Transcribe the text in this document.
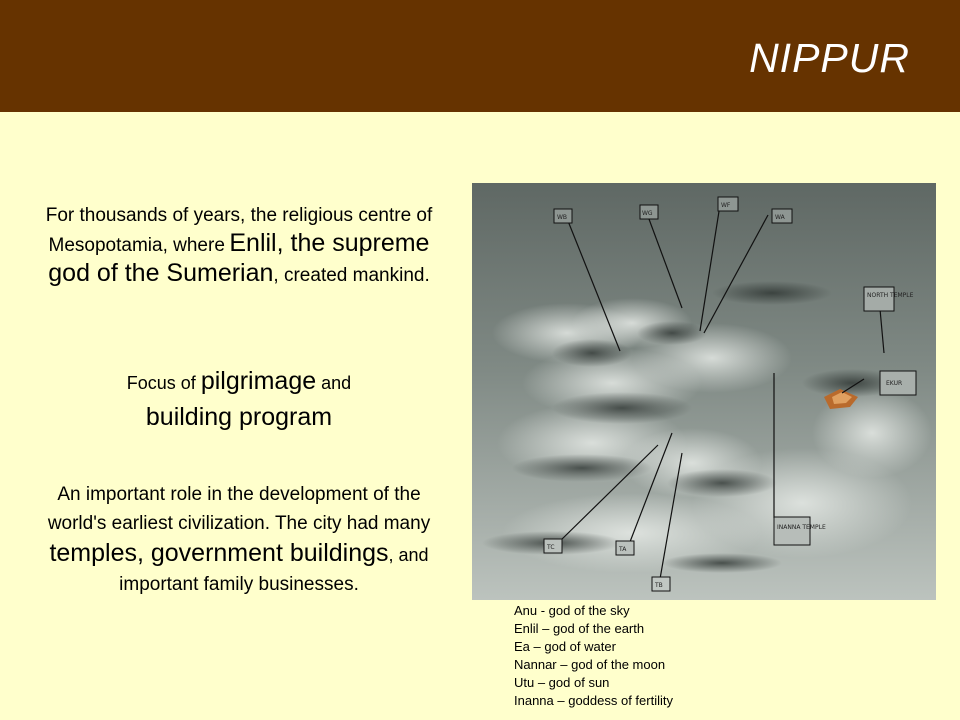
NIPPUR
For thousands of years, the religious centre of Mesopotamia, where Enlil, the supreme god of the Sumerian, created mankind.
Focus of pilgrimage and
building program
An important role in the development of the world's earliest civilization. The city had many temples, government buildings, and important family businesses.
WB
WG
WF
WA
NORTH TEMPLE
EKUR
INANNA TEMPLE
TC	TA
TB
Anu - god of the sky
Enlil – god of the earth
Ea – god of water
Nannar – god of the moon
Utu – god of sun
Inanna – goddess of fertility
